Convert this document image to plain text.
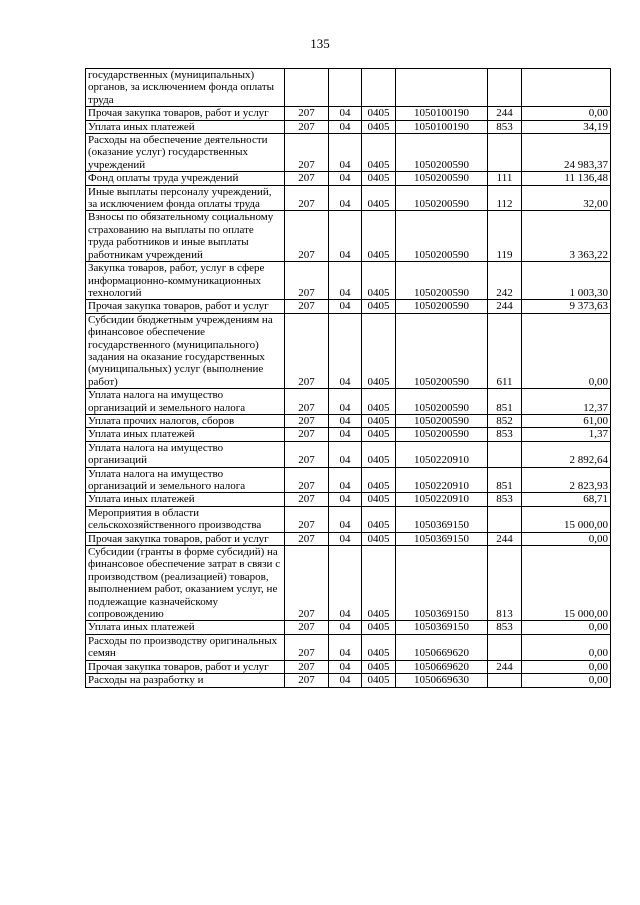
135
государственных (муниципальных) органов, за исключением фонда оплаты труда						
Прочая закупка товаров, работ и услуг	207	04	0405	1050100190	244	0,00
Уплата иных платежей	207	04	0405	1050100190	853	34,19
Расходы на обеспечение деятельности (оказание услуг) государственных учреждений	207	04	0405	1050200590		24 983,37
Фонд оплаты труда учреждений	207	04	0405	1050200590	111	11 136,48
Иные выплаты персоналу учреждений, за исключением фонда оплаты труда	207	04	0405	1050200590	112	32,00
Взносы по обязательному социальному страхованию на выплаты по оплате труда работников и иные выплаты работникам учреждений	207	04	0405	1050200590	119	3 363,22
Закупка товаров, работ, услуг в сфере информационно-коммуникационных технологий	207	04	0405	1050200590	242	1 003,30
Прочая закупка товаров, работ и услуг	207	04	0405	1050200590	244	9 373,63
Субсидии бюджетным учреждениям на финансовое обеспечение государственного (муниципального) задания на оказание государственных (муниципальных) услуг (выполнение работ)	207	04	0405	1050200590	611	0,00
Уплата налога на имущество организаций и земельного налога	207	04	0405	1050200590	851	12,37
Уплата прочих налогов, сборов	207	04	0405	1050200590	852	61,00
Уплата иных платежей	207	04	0405	1050200590	853	1,37
Уплата налога на имущество организаций	207	04	0405	1050220910		2 892,64
Уплата налога на имущество организаций и земельного налога	207	04	0405	1050220910	851	2 823,93
Уплата иных платежей	207	04	0405	1050220910	853	68,71
Мероприятия в области сельскохозяйственного производства	207	04	0405	1050369150		15 000,00
Прочая закупка товаров, работ и услуг	207	04	0405	1050369150	244	0,00
Субсидии (гранты в форме субсидий) на финансовое обеспечение затрат в связи с производством (реализацией) товаров, выполнением работ, оказанием услуг, не подлежащие казначейскому сопровождению	207	04	0405	1050369150	813	15 000,00
Уплата иных платежей	207	04	0405	1050369150	853	0,00
Расходы по производству оригинальных семян	207	04	0405	1050669620		0,00
Прочая закупка товаров, работ и услуг	207	04	0405	1050669620	244	0,00
Расходы на разработку и	207	04	0405	1050669630		0,00
